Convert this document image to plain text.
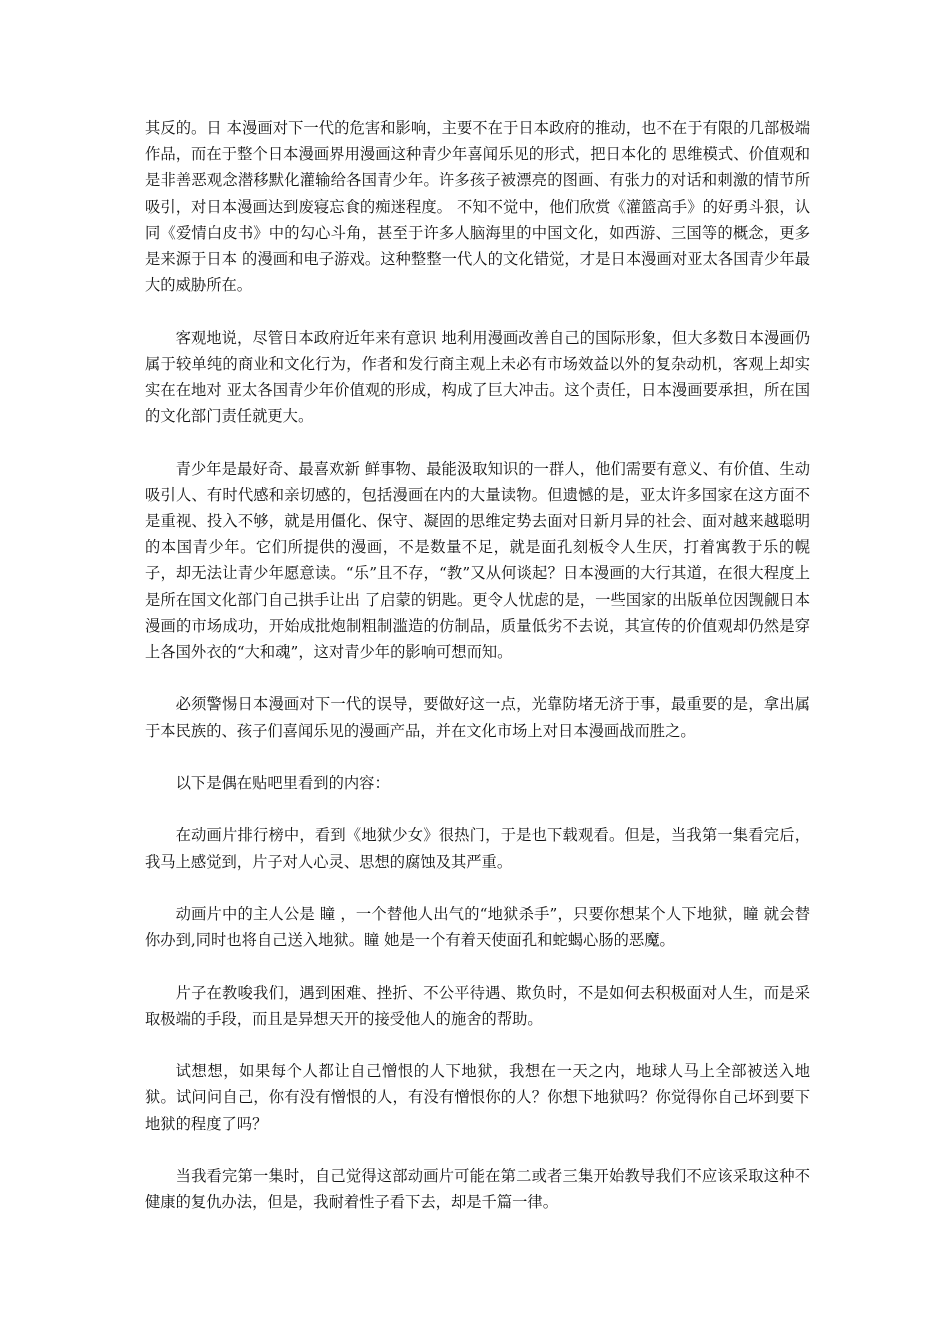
其反的。日 本漫画对下一代的危害和影响，主要不在于日本政府的推动，也不在于有限的几部极端作品，而在于整个日本漫画界用漫画这种青少年喜闻乐见的形式，把日本化的 思维模式、价值观和是非善恶观念潜移默化灌输给各国青少年。许多孩子被漂亮的图画、有张力的对话和刺激的情节所吸引，对日本漫画达到废寝忘食的痴迷程度。 不知不觉中，他们欣赏《灌篮高手》的好勇斗狠，认同《爱情白皮书》中的勾心斗角，甚至于许多人脑海里的中国文化，如西游、三国等的概念，更多是来源于日本 的漫画和电子游戏。这种整整一代人的文化错觉，才是日本漫画对亚太各国青少年最大的威胁所在。

客观地说，尽管日本政府近年来有意识 地利用漫画改善自己的国际形象，但大多数日本漫画仍属于较单纯的商业和文化行为，作者和发行商主观上未必有市场效益以外的复杂动机，客观上却实实在在地对 亚太各国青少年价值观的形成，构成了巨大冲击。这个责任，日本漫画要承担，所在国的文化部门责任就更大。

青少年是最好奇、最喜欢新 鲜事物、最能汲取知识的一群人，他们需要有意义、有价值、生动吸引人、有时代感和亲切感的，包括漫画在内的大量读物。但遗憾的是，亚太许多国家在这方面不 是重视、投入不够，就是用僵化、保守、凝固的思维定势去面对日新月异的社会、面对越来越聪明的本国青少年。它们所提供的漫画，不是数量不足，就是面孔刻板令人生厌，打着寓教于乐的幌子，却无法让青少年愿意读。“乐”且不存，“教”又从何谈起？日本漫画的大行其道，在很大程度上是所在国文化部门自己拱手让出 了启蒙的钥匙。更令人忧虑的是，一些国家的出版单位因觊觎日本漫画的市场成功，开始成批炮制粗制滥造的仿制品，质量低劣不去说，其宣传的价值观却仍然是穿 上各国外衣的“大和魂”，这对青少年的影响可想而知。

必须警惕日本漫画对下一代的误导，要做好这一点，光靠防堵无济于事，最重要的是，拿出属于本民族的、孩子们喜闻乐见的漫画产品，并在文化市场上对日本漫画战而胜之。

以下是偶在贴吧里看到的内容：

在动画片排行榜中，看到《地狱少女》很热门，于是也下载观看。但是，当我第一集看完后，我马上感觉到，片子对人心灵、思想的腐蚀及其严重。

动画片中的主人公是 瞳 ，一个替他人出气的“地狱杀手”，只要你想某个人下地狱，瞳 就会替你办到,同时也将自己送入地狱。瞳 她是一个有着天使面孔和蛇蝎心肠的恶魔。

片子在教唆我们，遇到困难、挫折、不公平待遇、欺负时，不是如何去积极面对人生，而是采取极端的手段，而且是异想天开的接受他人的施舍的帮助。

试想想，如果每个人都让自己憎恨的人下地狱，我想在一天之内，地球人马上全部被送入地狱。试问问自己，你有没有憎恨的人，有没有憎恨你的人？你想下地狱吗？你觉得你自己坏到要下地狱的程度了吗？

当我看完第一集时，自己觉得这部动画片可能在第二或者三集开始教导我们不应该采取这种不健康的复仇办法，但是，我耐着性子看下去，却是千篇一律。
